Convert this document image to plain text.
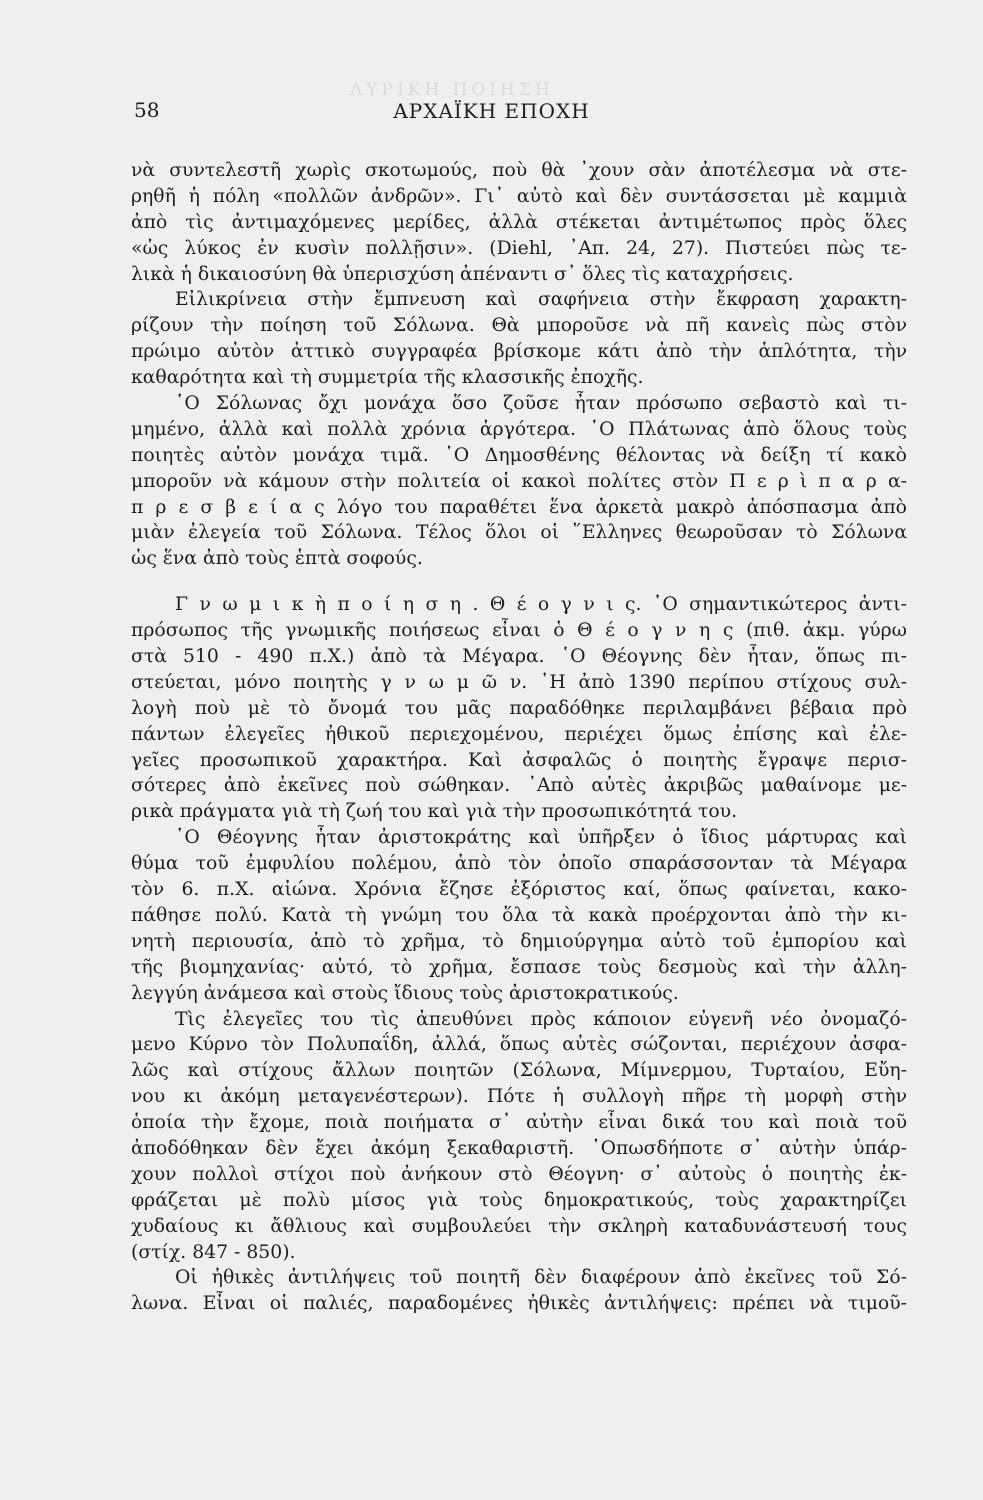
ΛΥΡΙΚΗ ΠΟΙΗΣΗ
58	ΑΡΧΑΪΚΗ ΕΠΟΧΗ
νὰ συντελεστῆ χωρὶς σκοτωμούς, ποὺ θὰ ᾿χουν σὰν ἀποτέλεσμα νὰ στε-
ρηθῆ ἡ πόλη «πολλῶν ἀνδρῶν». Γι᾿ αὐτὸ καὶ δὲν συντάσσεται μὲ καμμιὰ
ἀπὸ τὶς ἀντιμαχόμενες μερίδες, ἀλλὰ στέκεται ἀντιμέτωπος πρὸς ὅλες
«ὡς λύκος ἐν κυσὶν πολλῇσιν». (Diehl, ᾿Απ. 24, 27). Πιστεύει πὼς τε-
λικὰ ἡ δικαιοσύνη θὰ ὑπερισχύση ἀπέναντι σ᾿ ὅλες τὶς καταχρήσεις.
Εἰλικρίνεια στὴν ἔμπνευση καὶ σαφήνεια στὴν ἔκφραση χαρακτη-
ρίζουν τὴν ποίηση τοῦ Σόλωνα. Θὰ μποροῦσε νὰ πῆ κανεὶς πὼς στὸν
πρώιμο αὐτὸν ἀττικὸ συγγραφέα βρίσκομε κάτι ἀπὸ τὴν ἁπλότητα, τὴν
καθαρότητα καὶ τὴ συμμετρία τῆς κλασσικῆς ἐποχῆς.
῾Ο Σόλωνας ὄχι μονάχα ὅσο ζοῦσε ἦταν πρόσωπο σεβαστὸ καὶ τι-
μημένο, ἀλλὰ καὶ πολλὰ χρόνια ἀργότερα. ῾Ο Πλάτωνας ἀπὸ ὅλους τοὺς
ποιητὲς αὐτὸν μονάχα τιμᾶ. ῾Ο Δημοσθένης θέλοντας νὰ δείξη τί κακὸ
μποροῦν νὰ κάμουν στὴν πολιτεία οἱ κακοὶ πολίτες στὸν Π ε ρ ὶ π α ρ α-
π ρ ε σ β ε ί α ς λόγο του παραθέτει ἕνα ἀρκετὰ μακρὸ ἀπόσπασμα ἀπὸ
μιὰν ἐλεγεία τοῦ Σόλωνα. Τέλος ὅλοι οἱ ῞Ελληνες θεωροῦσαν τὸ Σόλωνα
ὡς ἕνα ἀπὸ τοὺς ἑπτὰ σοφούς.
Γ ν ω μ ι κ ὴ π ο ί η σ η . Θ έ ο γ ν ι ς. ῾Ο σημαντικώτερος ἀντι-
πρόσωπος τῆς γνωμικῆς ποιήσεως εἶναι ὁ Θ έ ο γ ν η ς (πιθ. ἀκμ. γύρω
στὰ 510 - 490 π.Χ.) ἀπὸ τὰ Μέγαρα. ῾Ο Θέογνης δὲν ἦταν, ὅπως πι-
στεύεται, μόνο ποιητὴς γ ν ω μ ῶ ν. ῾Η ἀπὸ 1390 περίπου στίχους συλ-
λογὴ ποὺ μὲ τὸ ὄνομά του μᾶς παραδόθηκε περιλαμβάνει βέβαια πρὸ
πάντων ἐλεγεῖες ἠθικοῦ περιεχομένου, περιέχει ὅμως ἐπίσης καὶ ἐλε-
γεῖες προσωπικοῦ χαρακτήρα. Καὶ ἀσφαλῶς ὁ ποιητὴς ἔγραψε περισ-
σότερες ἀπὸ ἐκεῖνες ποὺ σώθηκαν. ᾿Απὸ αὐτὲς ἀκριβῶς μαθαίνομε με-
ρικὰ πράγματα γιὰ τὴ ζωή του καὶ γιὰ τὴν προσωπικότητά του.
῾Ο Θέογνης ἦταν ἀριστοκράτης καὶ ὑπῆρξεν ὁ ἴδιος μάρτυρας καὶ
θύμα τοῦ ἐμφυλίου πολέμου, ἀπὸ τὸν ὁποῖο σπαράσσονταν τὰ Μέγαρα
τὸν 6. π.Χ. αἰώνα. Χρόνια ἔζησε ἐξόριστος καί, ὅπως φαίνεται, κακο-
πάθησε πολύ. Κατὰ τὴ γνώμη του ὅλα τὰ κακὰ προέρχονται ἀπὸ τὴν κι-
νητὴ περιουσία, ἀπὸ τὸ χρῆμα, τὸ δημιούργημα αὐτὸ τοῦ ἐμπορίου καὶ
τῆς βιομηχανίας· αὐτό, τὸ χρῆμα, ἔσπασε τοὺς δεσμοὺς καὶ τὴν ἀλλη-
λεγγύη ἀνάμεσα καὶ στοὺς ἴδιους τοὺς ἀριστοκρατικούς.
Τὶς ἐλεγεῖες του τὶς ἀπευθύνει πρὸς κάποιον εὐγενῆ νέο ὀνομαζό-
μενο Κύρνο τὸν Πολυπαΐδη, ἀλλά, ὅπως αὐτὲς σώζονται, περιέχουν ἀσφα-
λῶς καὶ στίχους ἄλλων ποιητῶν (Σόλωνα, Μίμνερμου, Τυρταίου, Εὔη-
νου κι ἀκόμη μεταγενέστερων). Πότε ἡ συλλογὴ πῆρε τὴ μορφὴ στὴν
ὁποία τὴν ἔχομε, ποιὰ ποιήματα σ᾿ αὐτὴν εἶναι δικά του καὶ ποιὰ τοῦ
ἀποδόθηκαν δὲν ἔχει ἀκόμη ξεκαθαριστῆ. ῾Οπωσδήποτε σ᾿ αὐτὴν ὑπάρ-
χουν πολλοὶ στίχοι ποὺ ἀνήκουν στὸ Θέογνη· σ᾿ αὐτοὺς ὁ ποιητὴς ἐκ-
φράζεται μὲ πολὺ μίσος γιὰ τοὺς δημοκρατικούς, τοὺς χαρακτηρίζει
χυδαίους κι ἄθλιους καὶ συμβουλεύει τὴν σκληρὴ καταδυνάστευσή τους
(στίχ. 847 - 850).
Οἱ ἠθικὲς ἀντιλήψεις τοῦ ποιητῆ δὲν διαφέρουν ἀπὸ ἐκεῖνες τοῦ Σό-
λωνα. Εἶναι οἱ παλιές, παραδομένες ἠθικὲς ἀντιλήψεις: πρέπει νὰ τιμοῦ-
